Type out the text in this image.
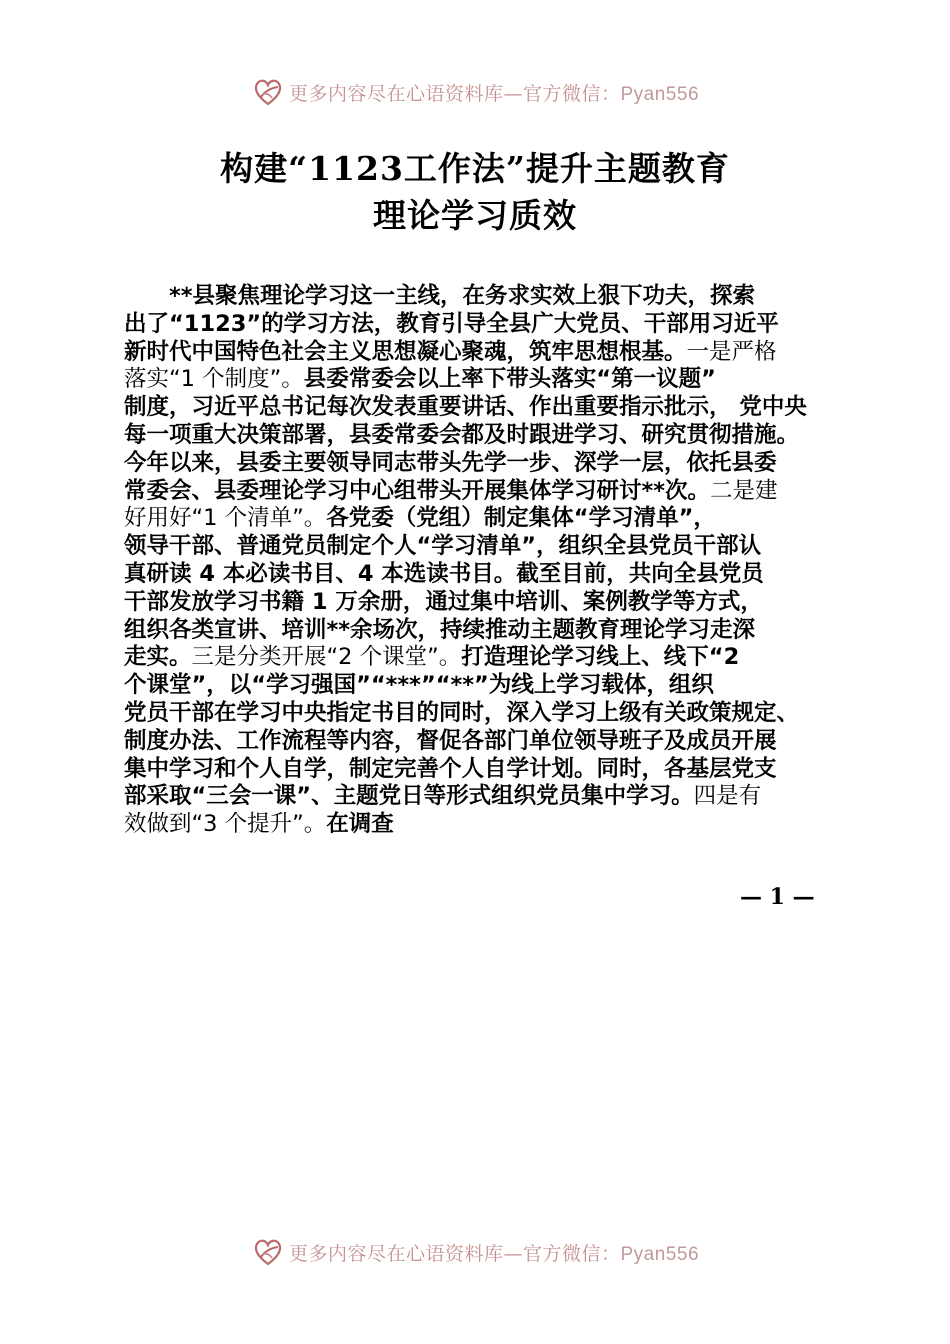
更多内容尽在心语资料库—官方微信：Pyan556
构建“1123工作法”提升主题教育
理论学习质效
　　**县聚焦理论学习这一主线，在务求实效上狠下功夫，探索
出了“1123”的学习方法，教育引导全县广大党员、干部用习近平
新时代中国特色社会主义思想凝心聚魂，筑牢思想根基。一是严格
落实“1 个制度”。县委常委会以上率下带头落实“第一议题”
制度，习近平总书记每次发表重要讲话、作出重要指示批示， 党中央
每一项重大决策部署，县委常委会都及时跟进学习、研究贯彻措施。
今年以来，县委主要领导同志带头先学一步、深学一层，依托县委
常委会、县委理论学习中心组带头开展集体学习研讨**次。二是建
好用好“1 个清单”。各党委（党组）制定集体“学习清单”，
领导干部、普通党员制定个人“学习清单”，组织全县党员干部认
真研读 4 本必读书目、4 本选读书目。截至目前，共向全县党员
干部发放学习书籍 1 万余册，通过集中培训、案例教学等方式，
组织各类宣讲、培训**余场次，持续推动主题教育理论学习走深
走实。三是分类开展“2 个课堂”。打造理论学习线上、线下“2
个课堂”，以“学习强国”“***”“**”为线上学习载体，组织
党员干部在学习中央指定书目的同时，深入学习上级有关政策规定、
制度办法、工作流程等内容，督促各部门单位领导班子及成员开展
集中学习和个人自学，制定完善个人自学计划。同时，各基层党支
部采取“三会一课”、主题党日等形式组织党员集中学习。四是有
效做到“3 个提升”。在调查
— 1 —
更多内容尽在心语资料库—官方微信：Pyan556
